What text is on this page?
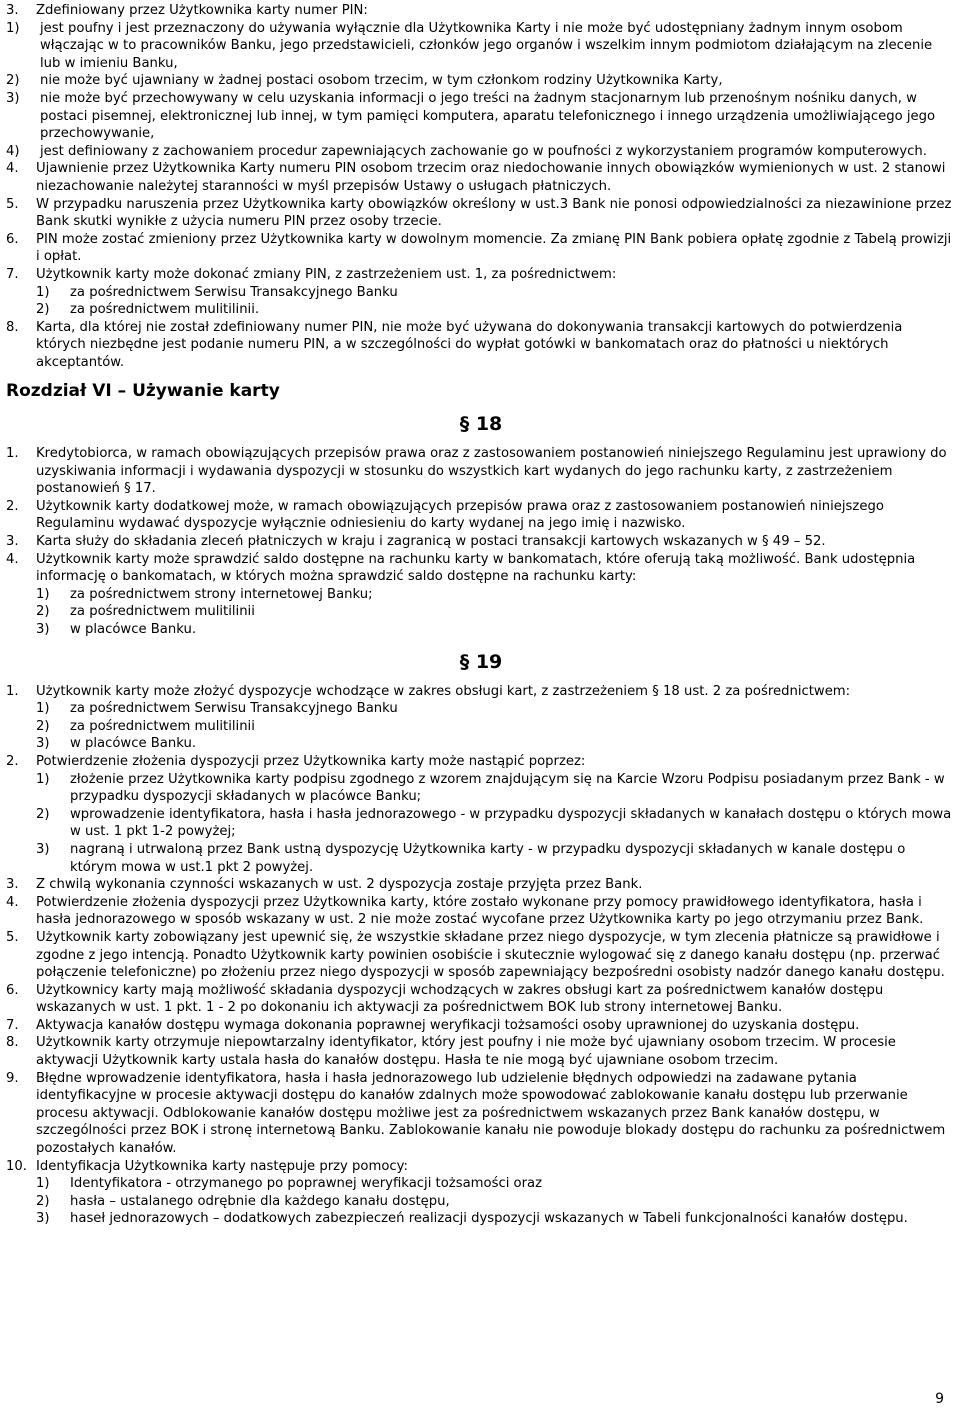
3. Zdefiniowany przez Użytkownika karty numer PIN:
1) jest poufny i jest przeznaczony do używania wyłącznie dla Użytkownika Karty i nie może być udostępniany żadnym innym osobom włączając w to pracowników Banku, jego przedstawicieli, członków jego organów i wszelkim innym podmiotom działającym na zlecenie lub w imieniu Banku,
2) nie może być ujawniany w żadnej postaci osobom trzecim, w tym członkom rodziny Użytkownika Karty,
3) nie może być przechowywany w celu uzyskania informacji o jego treści na żadnym stacjonarnym lub przenośnym nośniku danych, w postaci pisemnej, elektronicznej lub innej, w tym pamięci komputera, aparatu telefonicznego i innego urządzenia umożliwiającego jego przechowywanie,
4) jest definiowany z zachowaniem procedur zapewniających zachowanie go w poufności z wykorzystaniem programów komputerowych.
4. Ujawnienie przez Użytkownika Karty numeru PIN osobom trzecim oraz niedochowanie innych obowiązków wymienionych w ust. 2 stanowi niezachowanie należytej staranności w myśl przepisów Ustawy o usługach płatniczych.
5. W przypadku naruszenia przez Użytkownika karty obowiązków określony w ust.3 Bank nie ponosi odpowiedzialności za niezawinione przez Bank skutki wynikłe z użycia numeru PIN przez osoby trzecie.
6. PIN może zostać zmieniony przez Użytkownika karty w dowolnym momencie. Za zmianę PIN Bank pobiera opłatę zgodnie z Tabelą prowizji i opłat.
7. Użytkownik karty może dokonać zmiany PIN, z zastrzeżeniem ust. 1, za pośrednictwem:
1) za pośrednictwem Serwisu Transakcyjnego Banku
2) za pośrednictwem mulitilinii.
8. Karta, dla której nie został zdefiniowany numer PIN, nie może być używana do dokonywania transakcji kartowych do potwierdzenia których niezbędne jest podanie numeru PIN, a w szczególności do wypłat gotówki w bankomatach oraz do płatności u niektórych akceptantów.
Rozdział VI – Używanie karty
§ 18
1. Kredytobiorca, w ramach obowiązujących przepisów prawa oraz z zastosowaniem postanowień niniejszego Regulaminu jest uprawiony do uzyskiwania informacji i wydawania dyspozycji w stosunku do wszystkich kart wydanych do jego rachunku karty, z zastrzeżeniem postanowień § 17.
2. Użytkownik karty dodatkowej może, w ramach obowiązujących przepisów prawa oraz z zastosowaniem postanowień niniejszego Regulaminu wydawać dyspozycje wyłącznie odniesieniu do karty wydanej na jego imię i nazwisko.
3. Karta służy do składania zleceń płatniczych w kraju i zagranicą w postaci transakcji kartowych wskazanych w § 49 – 52.
4. Użytkownik karty może sprawdzić saldo dostępne na rachunku karty w bankomatach, które oferują taką możliwość. Bank udostępnia informację o bankomatach, w których można sprawdzić saldo dostępne na rachunku karty:
1) za pośrednictwem strony internetowej Banku;
2) za pośrednictwem mulitilinii
3) w placówce Banku.
§ 19
1. Użytkownik karty może złożyć dyspozycje wchodzące w zakres obsługi kart, z zastrzeżeniem § 18 ust. 2 za pośrednictwem:
1) za pośrednictwem Serwisu Transakcyjnego Banku
2) za pośrednictwem mulitilinii
3) w placówce Banku.
2. Potwierdzenie złożenia dyspozycji przez Użytkownika karty może nastąpić poprzez:
1) złożenie przez Użytkownika karty podpisu zgodnego z wzorem znajdującym się na Karcie Wzoru Podpisu posiadanym przez Bank - w przypadku dyspozycji składanych w placówce Banku;
2) wprowadzenie identyfikatora, hasła i hasła jednorazowego - w przypadku dyspozycji składanych w kanałach dostępu o których mowa w ust. 1 pkt 1-2 powyżej;
3) nagraną i utrwaloną przez Bank ustną dyspozycję Użytkownika karty - w przypadku dyspozycji składanych w kanale dostępu o którym mowa w ust.1 pkt 2 powyżej.
3. Z chwilą wykonania czynności wskazanych w ust. 2 dyspozycja zostaje przyjęta przez Bank.
4. Potwierdzenie złożenia dyspozycji przez Użytkownika karty, które zostało wykonane przy pomocy prawidłowego identyfikatora, hasła i hasła jednorazowego w sposób wskazany w ust. 2 nie może zostać wycofane przez Użytkownika karty po jego otrzymaniu przez Bank.
5. Użytkownik karty zobowiązany jest upewnić się, że wszystkie składane przez niego dyspozycje, w tym zlecenia płatnicze są prawidłowe i zgodne z jego intencją. Ponadto Użytkownik karty powinien osobiście i skutecznie wylogować się z danego kanału dostępu (np. przerwać połączenie telefoniczne) po złożeniu przez niego dyspozycji w sposób zapewniający bezpośredni osobisty nadzór danego kanału dostępu.
6. Użytkownicy karty mają możliwość składania dyspozycji wchodzących w zakres obsługi kart za pośrednictwem kanałów dostępu wskazanych w ust. 1 pkt. 1 - 2 po dokonaniu ich aktywacji za pośrednictwem BOK lub strony internetowej Banku.
7. Aktywacja kanałów dostępu wymaga dokonania poprawnej weryfikacji tożsamości osoby uprawnionej do uzyskania dostępu.
8. Użytkownik karty otrzymuje niepowtarzalny identyfikator, który jest poufny i nie może być ujawniany osobom trzecim. W procesie aktywacji Użytkownik karty ustala hasła do kanałów dostępu. Hasła te nie mogą być ujawniane osobom trzecim.
9. Błędne wprowadzenie identyfikatora, hasła i hasła jednorazowego lub udzielenie błędnych odpowiedzi na zadawane pytania identyfikacyjne w procesie aktywacji dostępu do kanałów zdalnych może spowodować zablokowanie kanału dostępu lub przerwanie procesu aktywacji. Odblokowanie kanałów dostępu możliwe jest za pośrednictwem wskazanych przez Bank kanałów dostępu, w szczególności przez BOK i stronę internetową Banku. Zablokowanie kanału nie powoduje blokady dostępu do rachunku za pośrednictwem pozostałych kanałów.
10. Identyfikacja Użytkownika karty następuje przy pomocy:
1) Identyfikatora - otrzymanego po poprawnej weryfikacji tożsamości oraz
2) hasła – ustalanego odrębnie dla każdego kanału dostępu,
3) haseł jednorazowych – dodatkowych zabezpieczeń realizacji dyspozycji wskazanych w Tabeli funkcjonalności kanałów dostępu.
9
